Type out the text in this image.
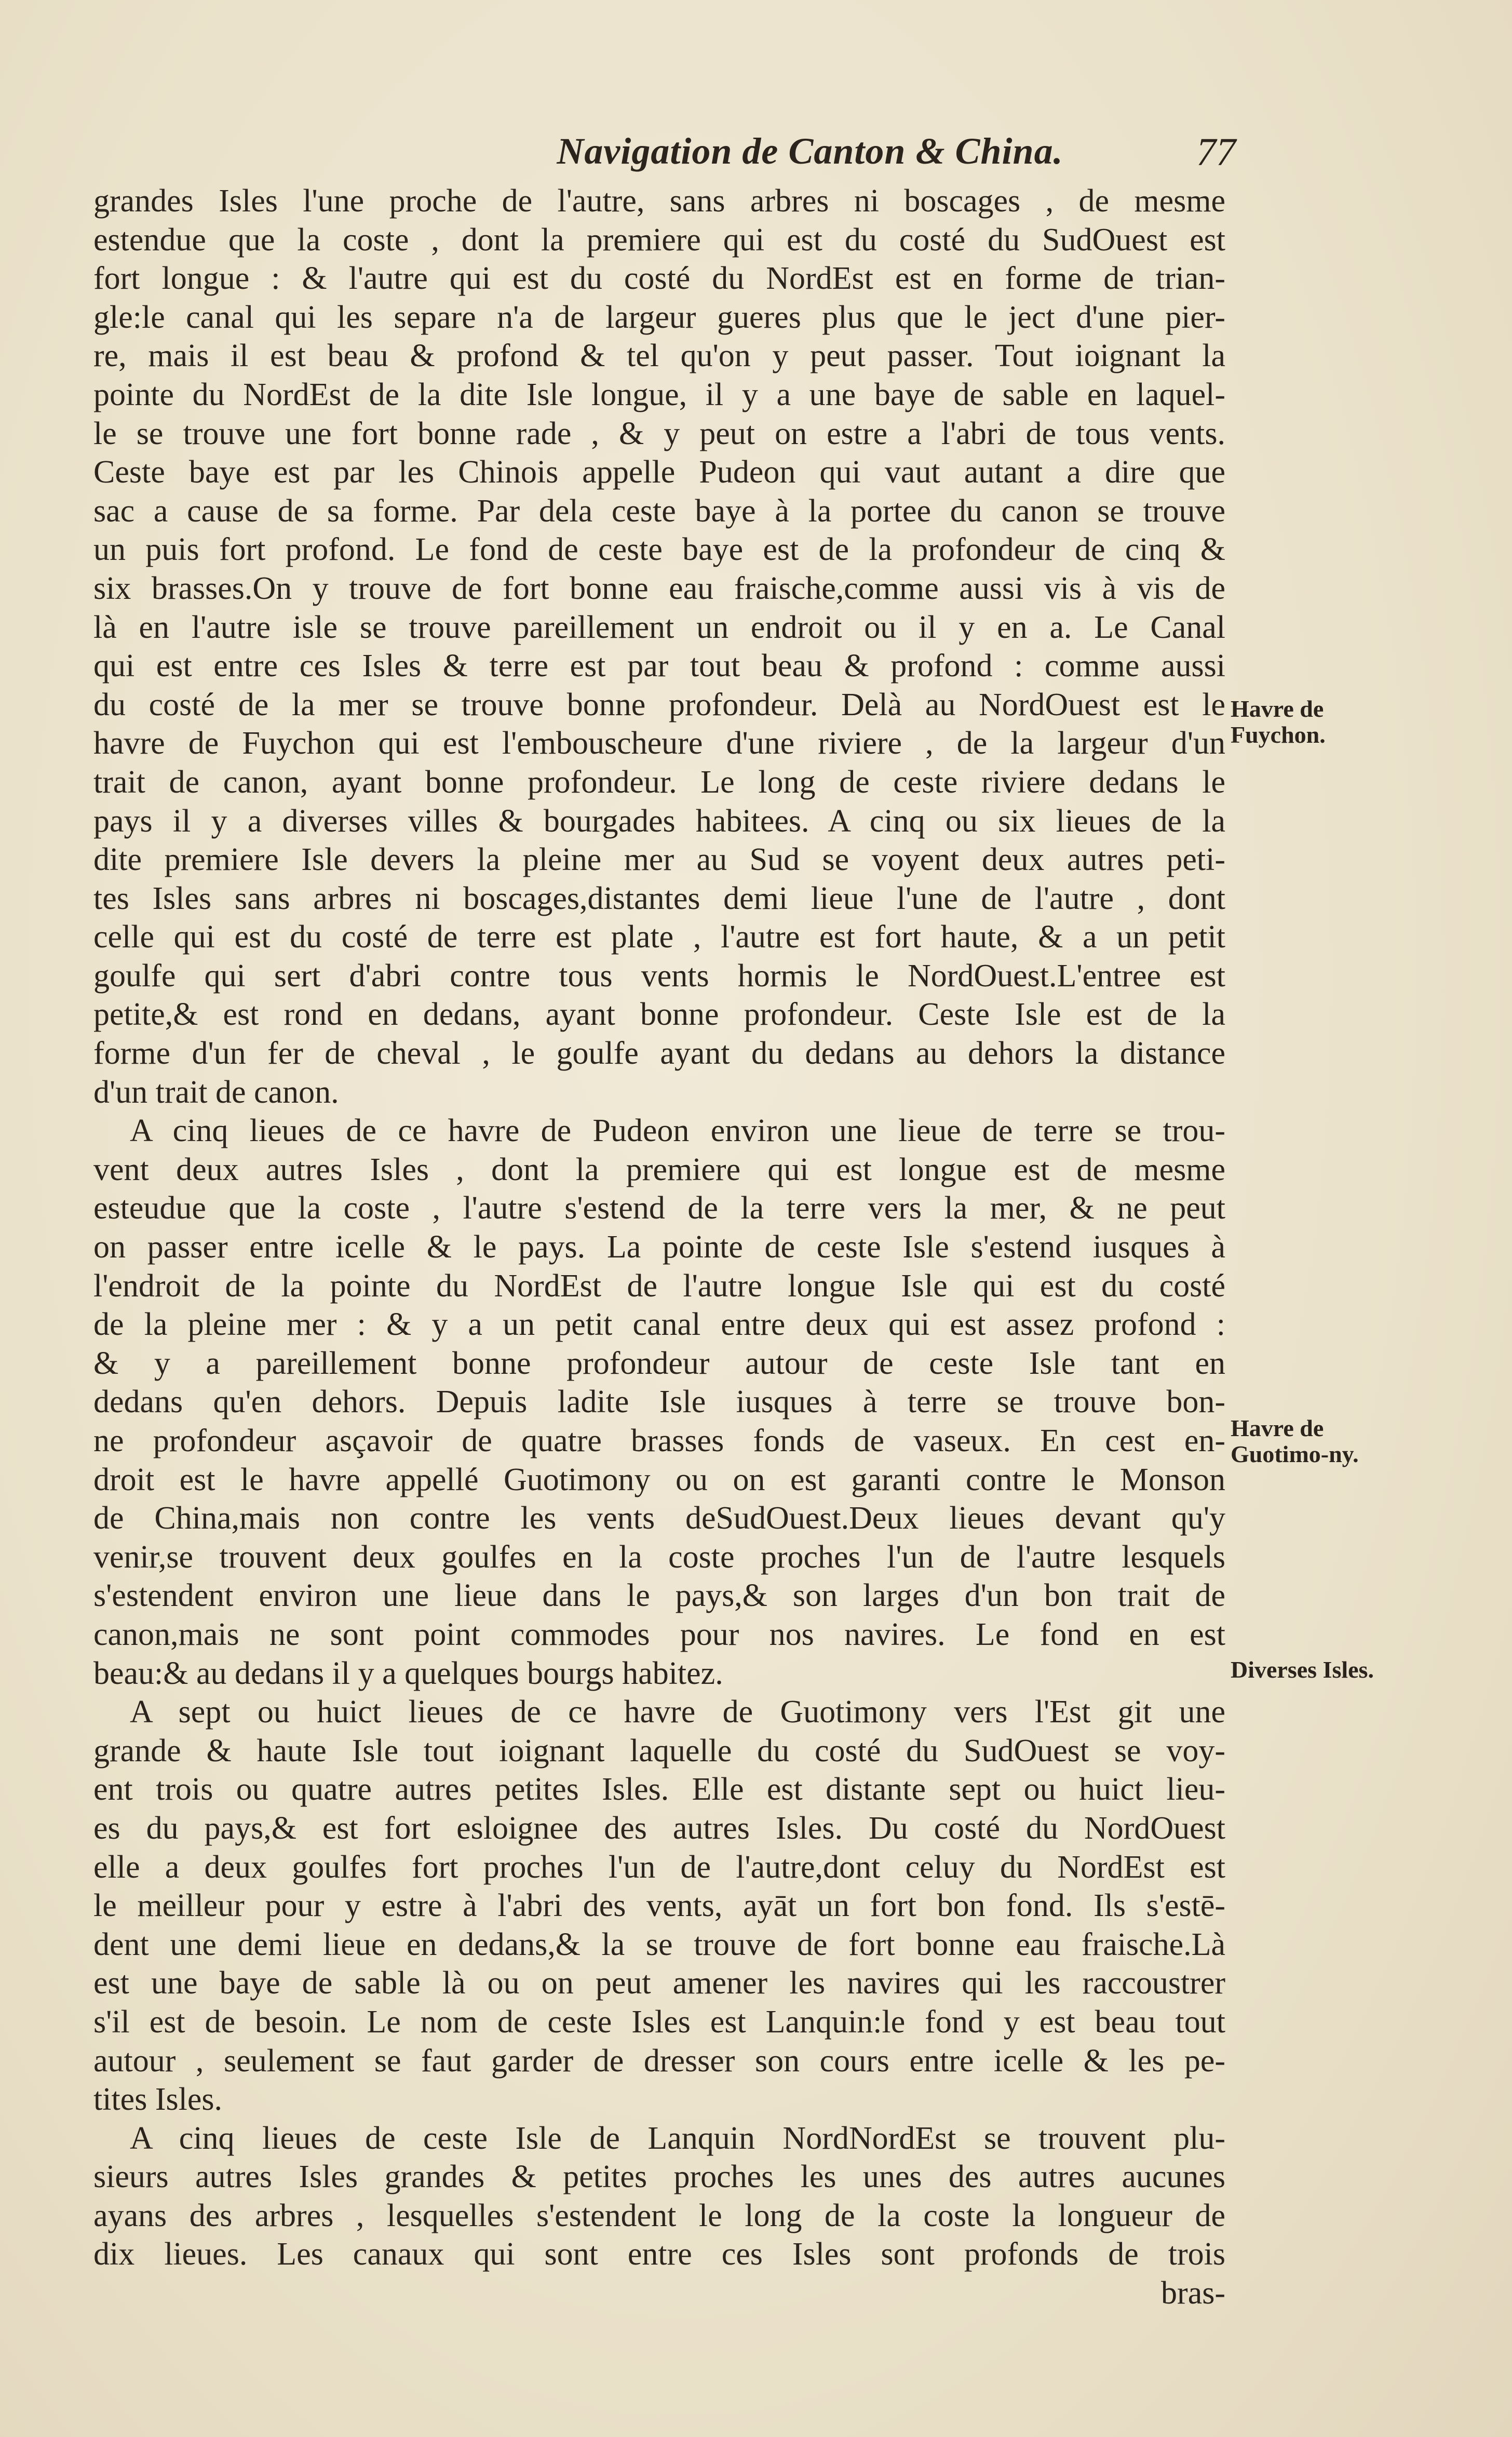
Navigation de Canton & China.	77
Havre de Fuychon.
Havre de Guotimo-ny.
Diverses Isles.
grandes Isles l'une proche de l'autre, sans arbres ni boscages , de mesme
estendue que la coste , dont la premiere qui est du costé du SudOuest est
fort longue : & l'autre qui est du costé du NordEst est en forme de trian-
gle:le canal qui les separe n'a de largeur gueres plus que le ject d'une pier-
re, mais il est beau & profond & tel qu'on y peut passer. Tout ioignant la
pointe du NordEst de la dite Isle longue, il y a une baye de sable en laquel-
le se trouve une fort bonne rade , & y peut on estre a l'abri de tous vents.
Ceste baye est par les Chinois appelle Pudeon qui vaut autant a dire que
sac a cause de sa forme. Par dela ceste baye à la portee du canon se trouve
un puis fort profond. Le fond de ceste baye est de la profondeur de cinq &
six brasses.On y trouve de fort bonne eau fraische,comme aussi vis à vis de
là en l'autre isle se trouve pareillement un endroit ou il y en a. Le Canal
qui est entre ces Isles & terre est par tout beau & profond : comme aussi
du costé de la mer se trouve bonne profondeur. Delà au NordOuest est le
havre de Fuychon qui est l'embouscheure d'une riviere , de la largeur d'un
trait de canon, ayant bonne profondeur. Le long de ceste riviere dedans le
pays il y a diverses villes & bourgades habitees. A cinq ou six lieues de la
dite premiere Isle devers la pleine mer au Sud se voyent deux autres peti-
tes Isles sans arbres ni boscages,distantes demi lieue l'une de l'autre , dont
celle qui est du costé de terre est plate , l'autre est fort haute, & a un petit
goulfe qui sert d'abri contre tous vents hormis le NordOuest.L'entree est
petite,& est rond en dedans, ayant bonne profondeur. Ceste Isle est de la
forme d'un fer de cheval , le goulfe ayant du dedans au dehors la distance
d'un trait de canon.
A cinq lieues de ce havre de Pudeon environ une lieue de terre se trou-
vent deux autres Isles , dont la premiere qui est longue est de mesme
esteudue que la coste , l'autre s'estend de la terre vers la mer, & ne peut
on passer entre icelle & le pays. La pointe de ceste Isle s'estend iusques à
l'endroit de la pointe du NordEst de l'autre longue Isle qui est du costé
de la pleine mer : & y a un petit canal entre deux qui est assez profond :
& y a pareillement bonne profondeur autour de ceste Isle tant en
dedans qu'en dehors. Depuis ladite Isle iusques à terre se trouve bon-
ne profondeur asçavoir de quatre brasses fonds de vaseux. En cest en-
droit est le havre appellé Guotimony ou on est garanti contre le Monson
de China,mais non contre les vents deSudOuest.Deux lieues devant qu'y
venir,se trouvent deux goulfes en la coste proches l'un de l'autre lesquels
s'estendent environ une lieue dans le pays,& son larges d'un bon trait de
canon,mais ne sont point commodes pour nos navires. Le fond en est
beau:& au dedans il y a quelques bourgs habitez.
A sept ou huict lieues de ce havre de Guotimony vers l'Est git une
grande & haute Isle tout ioignant laquelle du costé du SudOuest se voy-
ent trois ou quatre autres petites Isles. Elle est distante sept ou huict lieu-
es du pays,& est fort esloignee des autres Isles. Du costé du NordOuest
elle a deux goulfes fort proches l'un de l'autre,dont celuy du NordEst est
le meilleur pour y estre à l'abri des vents, ayāt un fort bon fond. Ils s'estē-
dent une demi lieue en dedans,& la se trouve de fort bonne eau fraische.Là
est une baye de sable là ou on peut amener les navires qui les raccoustrer
s'il est de besoin. Le nom de ceste Isles est Lanquin:le fond y est beau tout
autour , seulement se faut garder de dresser son cours entre icelle & les pe-
tites Isles.
A cinq lieues de ceste Isle de Lanquin NordNordEst se trouvent plu-
sieurs autres Isles grandes & petites proches les unes des autres aucunes
ayans des arbres , lesquelles s'estendent le long de la coste la longueur de
dix lieues. Les canaux qui sont entre ces Isles sont profonds de trois
bras-
